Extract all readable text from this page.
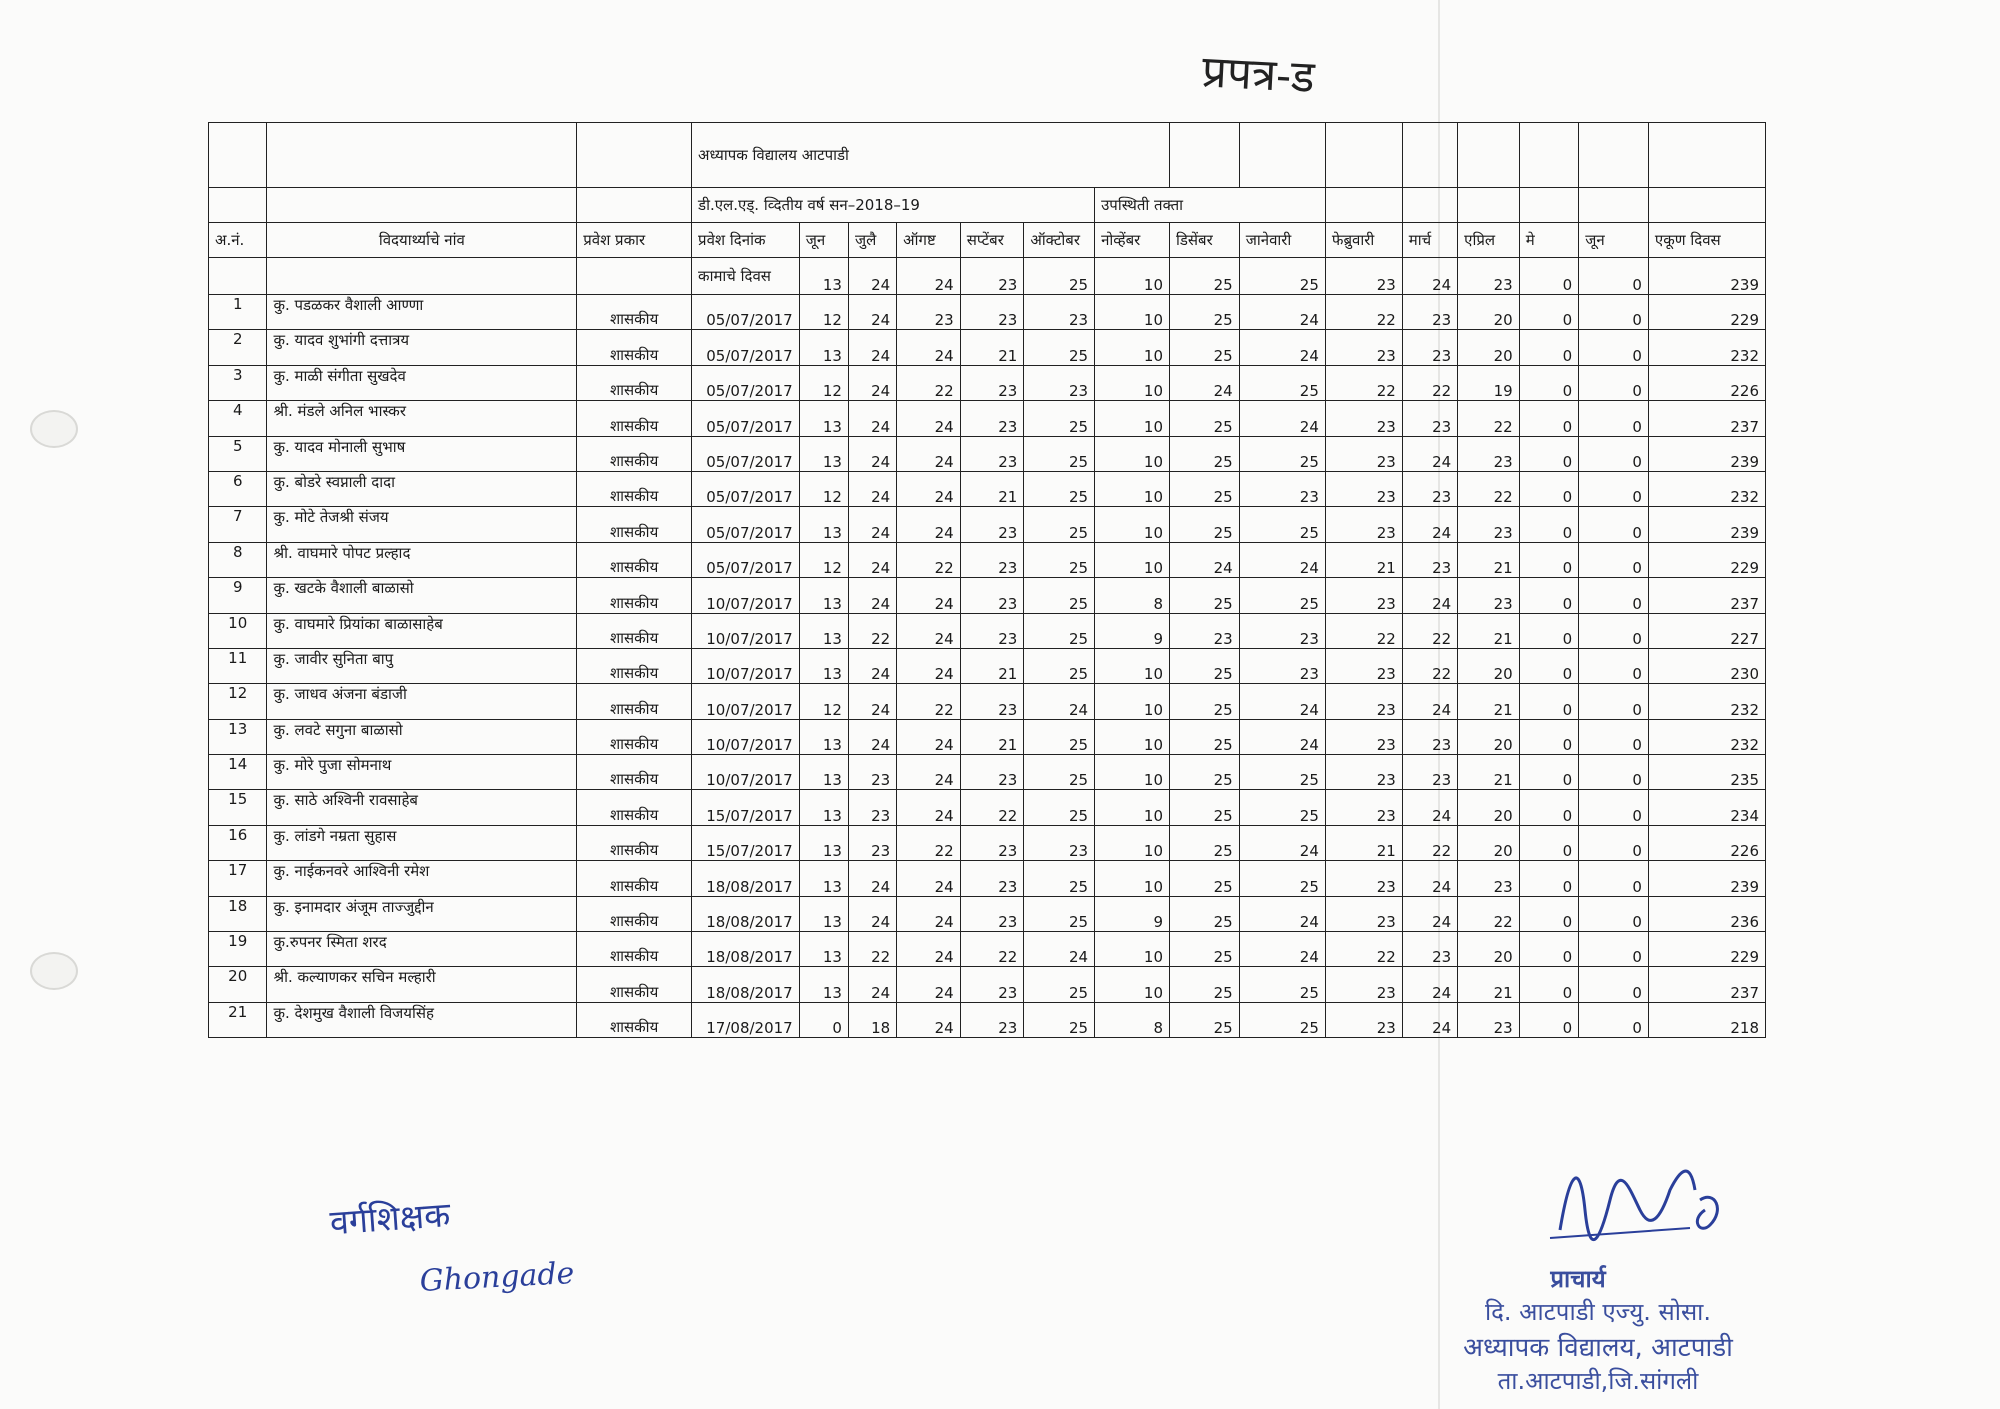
प्रपत्र-ड
			अध्यापक विद्यालय आटपाडी														
			डी.एल.एड्. व्दितीय वर्ष सन–2018–19						उपस्थिती तक्ता								
अ.नं.	विदयार्थ्याचे नांव	प्रवेश प्रकार	प्रवेश दिनांक	जून	जुलै	ऑगष्ट	सप्टेंबर	ऑक्टोबर	नोव्हेंबर	डिसेंबर	जानेवारी	फेब्रुवारी	मार्च	एप्रिल	मे	जून	एकूण दिवस
			कामाचे दिवस	13	24	24	23	25	10	25	25	23	24	23	0	0	239
1	कु. पडळकर वैशाली आण्णा	शासकीय	05/07/2017	12	24	23	23	23	10	25	24	22	23	20	0	0	229
2	कु. यादव शुभांगी दत्तात्रय	शासकीय	05/07/2017	13	24	24	21	25	10	25	24	23	23	20	0	0	232
3	कु. माळी संगीता सुखदेव	शासकीय	05/07/2017	12	24	22	23	23	10	24	25	22	22	19	0	0	226
4	श्री. मंडले अनिल भास्कर	शासकीय	05/07/2017	13	24	24	23	25	10	25	24	23	23	22	0	0	237
5	कु. यादव मोनाली सुभाष	शासकीय	05/07/2017	13	24	24	23	25	10	25	25	23	24	23	0	0	239
6	कु. बोडरे स्वप्नाली दादा	शासकीय	05/07/2017	12	24	24	21	25	10	25	23	23	23	22	0	0	232
7	कु. मोटे तेजश्री संजय	शासकीय	05/07/2017	13	24	24	23	25	10	25	25	23	24	23	0	0	239
8	श्री. वाघमारे पोपट प्रल्हाद	शासकीय	05/07/2017	12	24	22	23	25	10	24	24	21	23	21	0	0	229
9	कु. खटके वैशाली बाळासो	शासकीय	10/07/2017	13	24	24	23	25	8	25	25	23	24	23	0	0	237
10	कु. वाघमारे प्रियांका बाळासाहेब	शासकीय	10/07/2017	13	22	24	23	25	9	23	23	22	22	21	0	0	227
11	कु. जावीर सुनिता बापु	शासकीय	10/07/2017	13	24	24	21	25	10	25	23	23	22	20	0	0	230
12	कु. जाधव अंजना बंडाजी	शासकीय	10/07/2017	12	24	22	23	24	10	25	24	23	24	21	0	0	232
13	कु. लवटे सगुना बाळासो	शासकीय	10/07/2017	13	24	24	21	25	10	25	24	23	23	20	0	0	232
14	कु. मोरे पुजा सोमनाथ	शासकीय	10/07/2017	13	23	24	23	25	10	25	25	23	23	21	0	0	235
15	कु. साठे अश्विनी रावसाहेब	शासकीय	15/07/2017	13	23	24	22	25	10	25	25	23	24	20	0	0	234
16	कु. लांडगे नम्रता सुहास	शासकीय	15/07/2017	13	23	22	23	23	10	25	24	21	22	20	0	0	226
17	कु. नाईकनवरे आश्विनी रमेश	शासकीय	18/08/2017	13	24	24	23	25	10	25	25	23	24	23	0	0	239
18	कु. इनामदार अंजूम ताज्जुद्दीन	शासकीय	18/08/2017	13	24	24	23	25	9	25	24	23	24	22	0	0	236
19	कु.रुपनर स्मिता शरद	शासकीय	18/08/2017	13	22	24	22	24	10	25	24	22	23	20	0	0	229
20	श्री. कल्याणकर सचिन मल्हारी	शासकीय	18/08/2017	13	24	24	23	25	10	25	25	23	24	21	0	0	237
21	कु. देशमुख वैशाली विजयसिंह	शासकीय	17/08/2017	0	18	24	23	25	8	25	25	23	24	23	0	0	218
वर्गशिक्षक
Ghongade	प्राचार्य
दि. आटपाडी एज्यु. सोसा.
अध्यापक विद्यालय, आटपाडी
ता.आटपाडी,जि.सांगली
